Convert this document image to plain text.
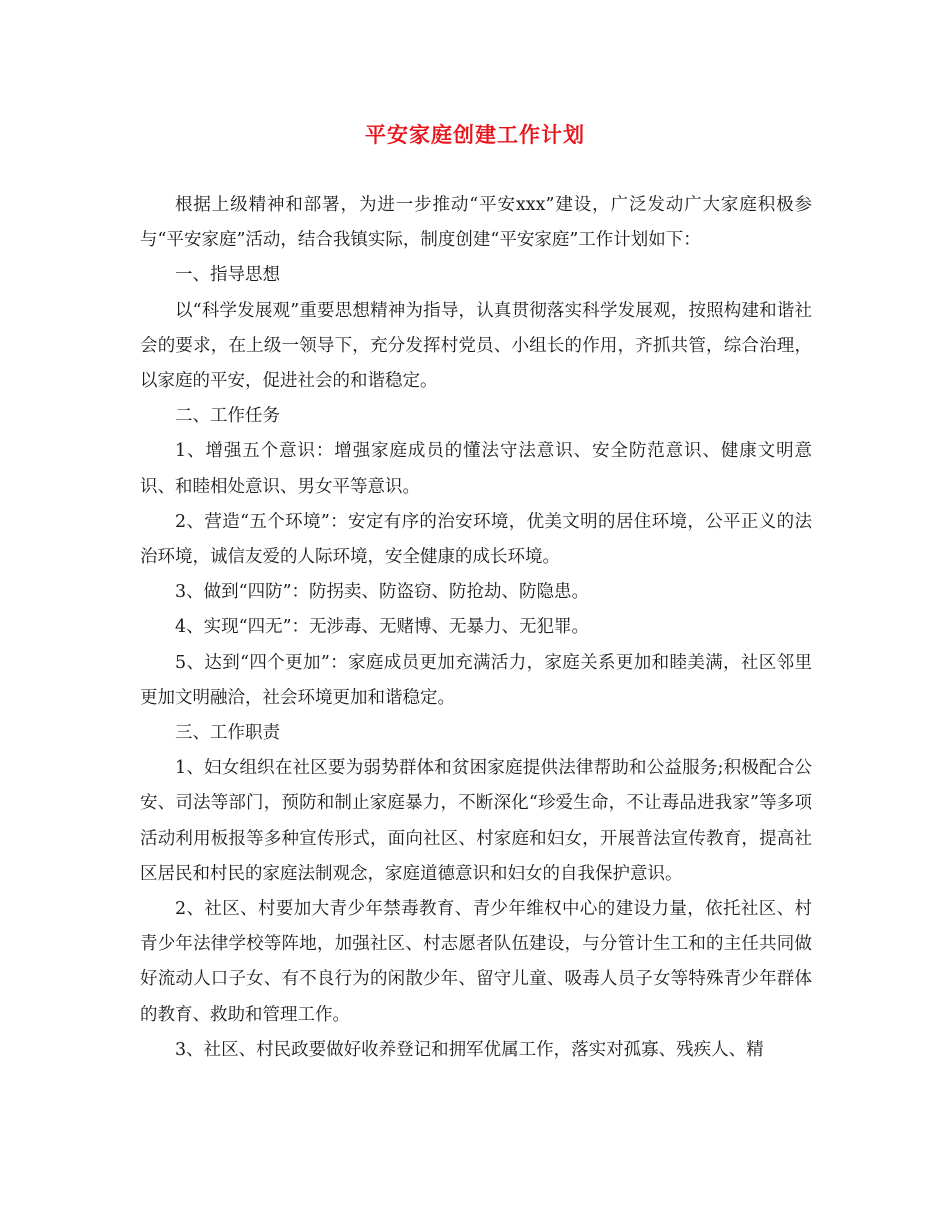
平安家庭创建工作计划

根据上级精神和部署，为进一步推动“平安xxx”建设，广泛发动广大家庭积极参与“平安家庭”活动，结合我镇实际，制度创建“平安家庭”工作计划如下：

一、指导思想

以“科学发展观”重要思想精神为指导，认真贯彻落实科学发展观，按照构建和谐社会的要求，在上级一领导下，充分发挥村党员、小组长的作用，齐抓共管，综合治理，以家庭的平安，促进社会的和谐稳定。

二、工作任务

1、增强五个意识：增强家庭成员的懂法守法意识、安全防范意识、健康文明意识、和睦相处意识、男女平等意识。

2、营造“五个环境”：安定有序的治安环境，优美文明的居住环境，公平正义的法治环境，诚信友爱的人际环境，安全健康的成长环境。

3、做到“四防”：防拐卖、防盗窃、防抢劫、防隐患。

4、实现“四无”：无涉毒、无赌博、无暴力、无犯罪。

5、达到“四个更加”：家庭成员更加充满活力，家庭关系更加和睦美满，社区邻里更加文明融洽，社会环境更加和谐稳定。

三、工作职责

1、妇女组织在社区要为弱势群体和贫困家庭提供法律帮助和公益服务;积极配合公安、司法等部门，预防和制止家庭暴力，不断深化“珍爱生命，不让毒品进我家”等多项活动利用板报等多种宣传形式，面向社区、村家庭和妇女，开展普法宣传教育，提高社区居民和村民的家庭法制观念，家庭道德意识和妇女的自我保护意识。

2、社区、村要加大青少年禁毒教育、青少年维权中心的建设力量，依托社区、村青少年法律学校等阵地，加强社区、村志愿者队伍建设，与分管计生工和的主任共同做好流动人口子女、有不良行为的闲散少年、留守儿童、吸毒人员子女等特殊青少年群体的教育、救助和管理工作。

3、社区、村民政要做好收养登记和拥军优属工作，落实对孤寡、残疾人、精
